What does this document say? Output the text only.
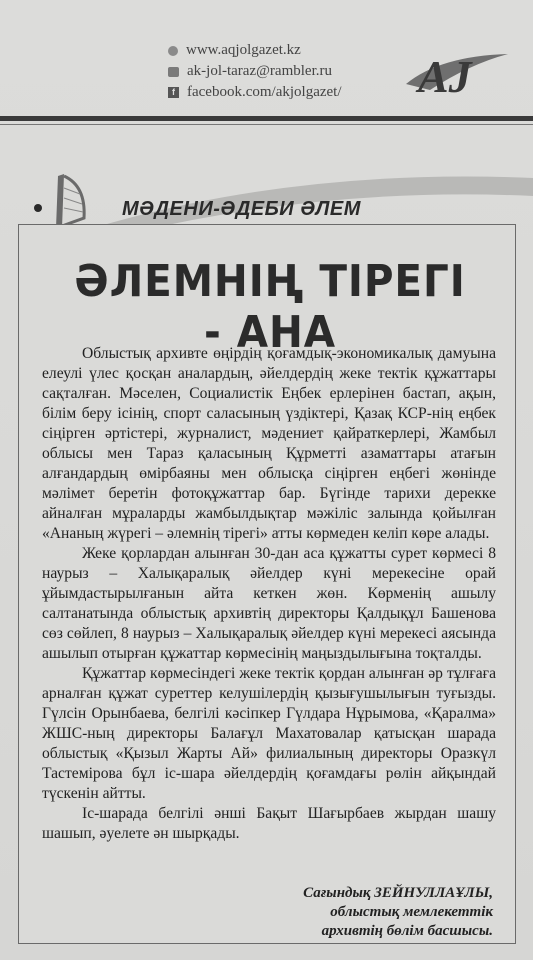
www.aqjolgazet.kz
ak-jol-taraz@rambler.ru
f facebook.com/akjolgazet/ AJ
МӘДЕНИ-ӘДЕБИ ӘЛЕМ
ӘЛЕМНІҢ ТІРЕГІ - АНА

Облыстық архивте өңірдің қоғамдық-экономикалық дамуына елеулі үлес қосқан аналардың, әйелдердің жеке тектік құжаттары сақталған. Мәселен, Социалистік Еңбек ерлерінен бастап, ақын, білім беру ісінің, спорт саласының үздіктері, Қазақ КСР-нің еңбек сіңірген әртістері, журналист, мәдениет қайраткерлері, Жамбыл облысы мен Тараз қаласының Құрметті азаматтары атағын алғандардың өмірбаяны мен облысқа сіңірген еңбегі жөнінде мәлімет беретін фотоқұжаттар бар. Бүгінде тарихи дерекке айналған мұраларды жамбылдықтар мәжіліс залында қойылған «Ананың жүрегі – әлемнің тірегі» атты көрмеден келіп көре алады.

Жеке қорлардан алынған 30-дан аса құжатты сурет көрмесі 8 наурыз – Халықаралық әйелдер күні мерекесіне орай ұйымдастырылғанын айта кеткен жөн. Көрменің ашылу салтанатында облыстық архивтің директоры Қалдықұл Башенова сөз сөйлеп, 8 наурыз – Халықаралық әйелдер күні мерекесі аясында ашылып отырған құжаттар көрмесінің маңыздылығына тоқталды.

Құжаттар көрмесіндегі жеке тектік қордан алынған әр тұлғаға арналған құжат суреттер келушілердің қызығушылығын туғызды. Гүлсін Орынбаева, белгілі кәсіпкер Гүлдара Нұрымова, «Қаралма» ЖШС-ның директоры Балағұл Махатовалар қатысқан шарада облыстық «Қызыл Жарты Ай» филиалының директоры Оразкүл Тастемірова бұл іс-шара әйелдердің қоғамдағы рөлін айқындай түскенін айтты.

Іс-шарада белгілі әнші Бақыт Шағырбаев жырдан шашу шашып, әуелете ән шырқады.

Сағындық ЗЕЙНУЛЛАҰЛЫ,
облыстық мемлекеттік
архивтің бөлім басшысы.
